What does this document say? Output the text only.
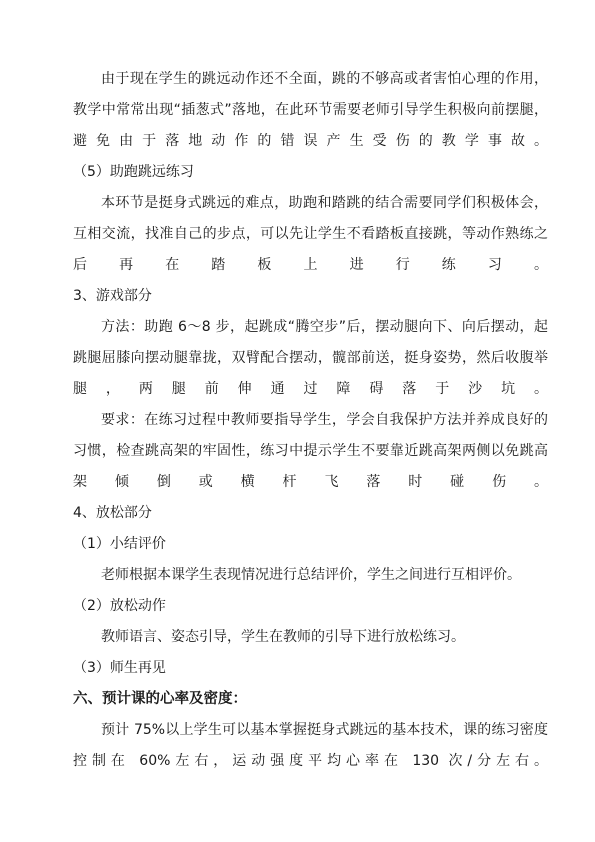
由于现在学生的跳远动作还不全面，跳的不够高或者害怕心理的作用，教学中常常出现“插葱式”落地，在此环节需要老师引导学生积极向前摆腿，避免由于落地动作的错误产生受伤的教学事故。

（5）助跑跳远练习

本环节是挺身式跳远的难点，助跑和踏跳的结合需要同学们积极体会，互相交流，找准自己的步点，可以先让学生不看踏板直接跳，等动作熟练之后再在踏板上进行练习。

3、游戏部分

方法：助跑 6～8 步，起跳成“腾空步”后，摆动腿向下、向后摆动，起跳腿屈膝向摆动腿靠拢，双臂配合摆动，髋部前送，挺身姿势，然后收腹举腿，两腿前伸通过障碍落于沙坑。

要求：在练习过程中教师要指导学生，学会自我保护方法并养成良好的习惯，检查跳高架的牢固性，练习中提示学生不要靠近跳高架两侧以免跳高架倾倒或横杆飞落时碰伤。

4、放松部分

（1）小结评价

老师根据本课学生表现情况进行总结评价，学生之间进行互相评价。

（2）放松动作

教师语言、姿态引导，学生在教师的引导下进行放松练习。

（3）师生再见

六、预计课的心率及密度：

预计 75%以上学生可以基本掌握挺身式跳远的基本技术，课的练习密度控制在 60%左右，运动强度平均心率在 130 次/分左右。
